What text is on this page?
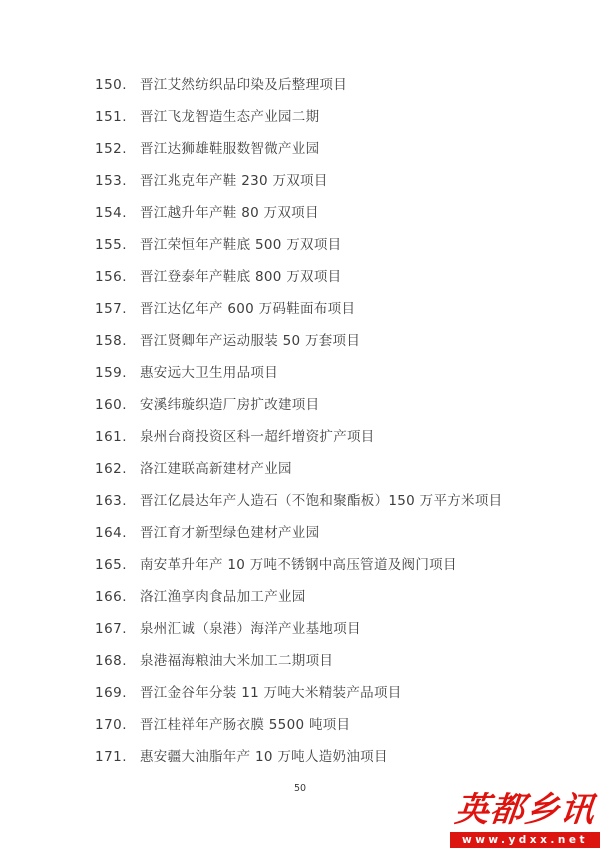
150. 晋江艾然纺织品印染及后整理项目
151. 晋江飞龙智造生态产业园二期
152. 晋江达狮雄鞋服数智微产业园
153. 晋江兆克年产鞋 230 万双项目
154. 晋江越升年产鞋 80 万双项目
155. 晋江荣恒年产鞋底 500 万双项目
156. 晋江登泰年产鞋底 800 万双项目
157. 晋江达亿年产 600 万码鞋面布项目
158. 晋江贤卿年产运动服装 50 万套项目
159. 惠安远大卫生用品项目
160. 安溪纬璇织造厂房扩改建项目
161. 泉州台商投资区科一超纤增资扩产项目
162. 洛江建联高新建材产业园
163. 晋江亿晨达年产人造石（不饱和聚酯板）150 万平方米项目
164. 晋江育才新型绿色建材产业园
165. 南安革升年产 10 万吨不锈钢中高压管道及阀门项目
166. 洛江渔享肉食品加工产业园
167. 泉州汇诚（泉港）海洋产业基地项目
168. 泉港福海粮油大米加工二期项目
169. 晋江金谷年分装 11 万吨大米精装产品项目
170. 晋江桂祥年产肠衣膜 5500 吨项目
171. 惠安疆大油脂年产 10 万吨人造奶油项目
50
英都乡讯
www.ydxx.net
